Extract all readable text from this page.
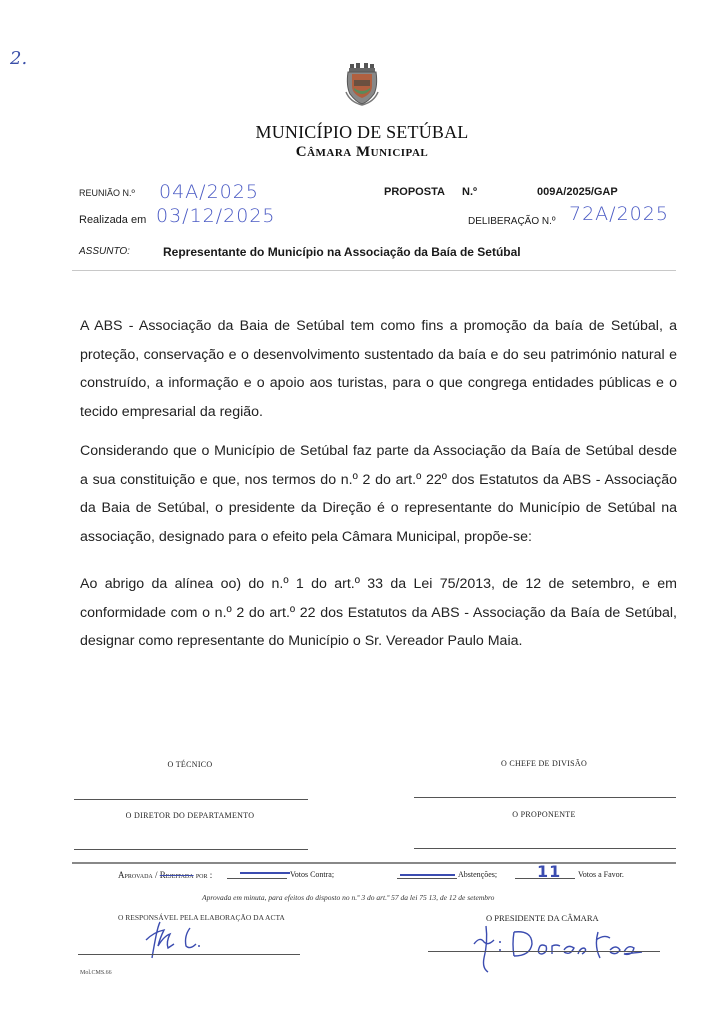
2.
MUNICÍPIO DE SETÚBAL
Câmara Municipal
REUNIÃO N.º 04A/2025
Realizada em 03/12/2025
PROPOSTA N.º	009A/2025/GAP
DELIBERAÇÃO N.º 72A/2025
ASSUNTO:	Representante do Município na Associação da Baía de Setúbal
A ABS - Associação da Baia de Setúbal tem como fins a promoção da baía de Setúbal, a proteção, conservação e o desenvolvimento sustentado da baía e do seu património natural e construído, a informação e o apoio aos turistas, para o que congrega entidades públicas e o tecido empresarial da região.
Considerando que o Município de Setúbal faz parte da Associação da Baía de Setúbal desde a sua constituição e que, nos termos do n.º 2 do art.º 22º dos Estatutos da ABS - Associação da Baia de Setúbal, o presidente da Direção é o representante do Município de Setúbal na associação, designado para o efeito pela Câmara Municipal, propõe-se:
Ao abrigo da alínea oo) do n.º 1 do art.º 33 da Lei 75/2013, de 12 de setembro, e em conformidade com o n.º 2 do art.º 22 dos Estatutos da ABS - Associação da Baía de Setúbal, designar como representante do Município o Sr. Vereador Paulo Maia.
O TÉCNICO	O CHEFE DE DIVISÃO
O DIRETOR DO DEPARTAMENTO	O PROPONENTE
Aprovada / Rejeitada por :	Votos Contra;	Abstenções; 11 Votos a Favor.
Aprovada em minuta, para efeitos do disposto no n.º 3 do art.º 57 da lei 75 13, de 12 de setembro
O RESPONSÁVEL PELA ELABORAÇÃO DA ACTA	O PRESIDENTE DA CÂMARA
Mol.CMS.66
